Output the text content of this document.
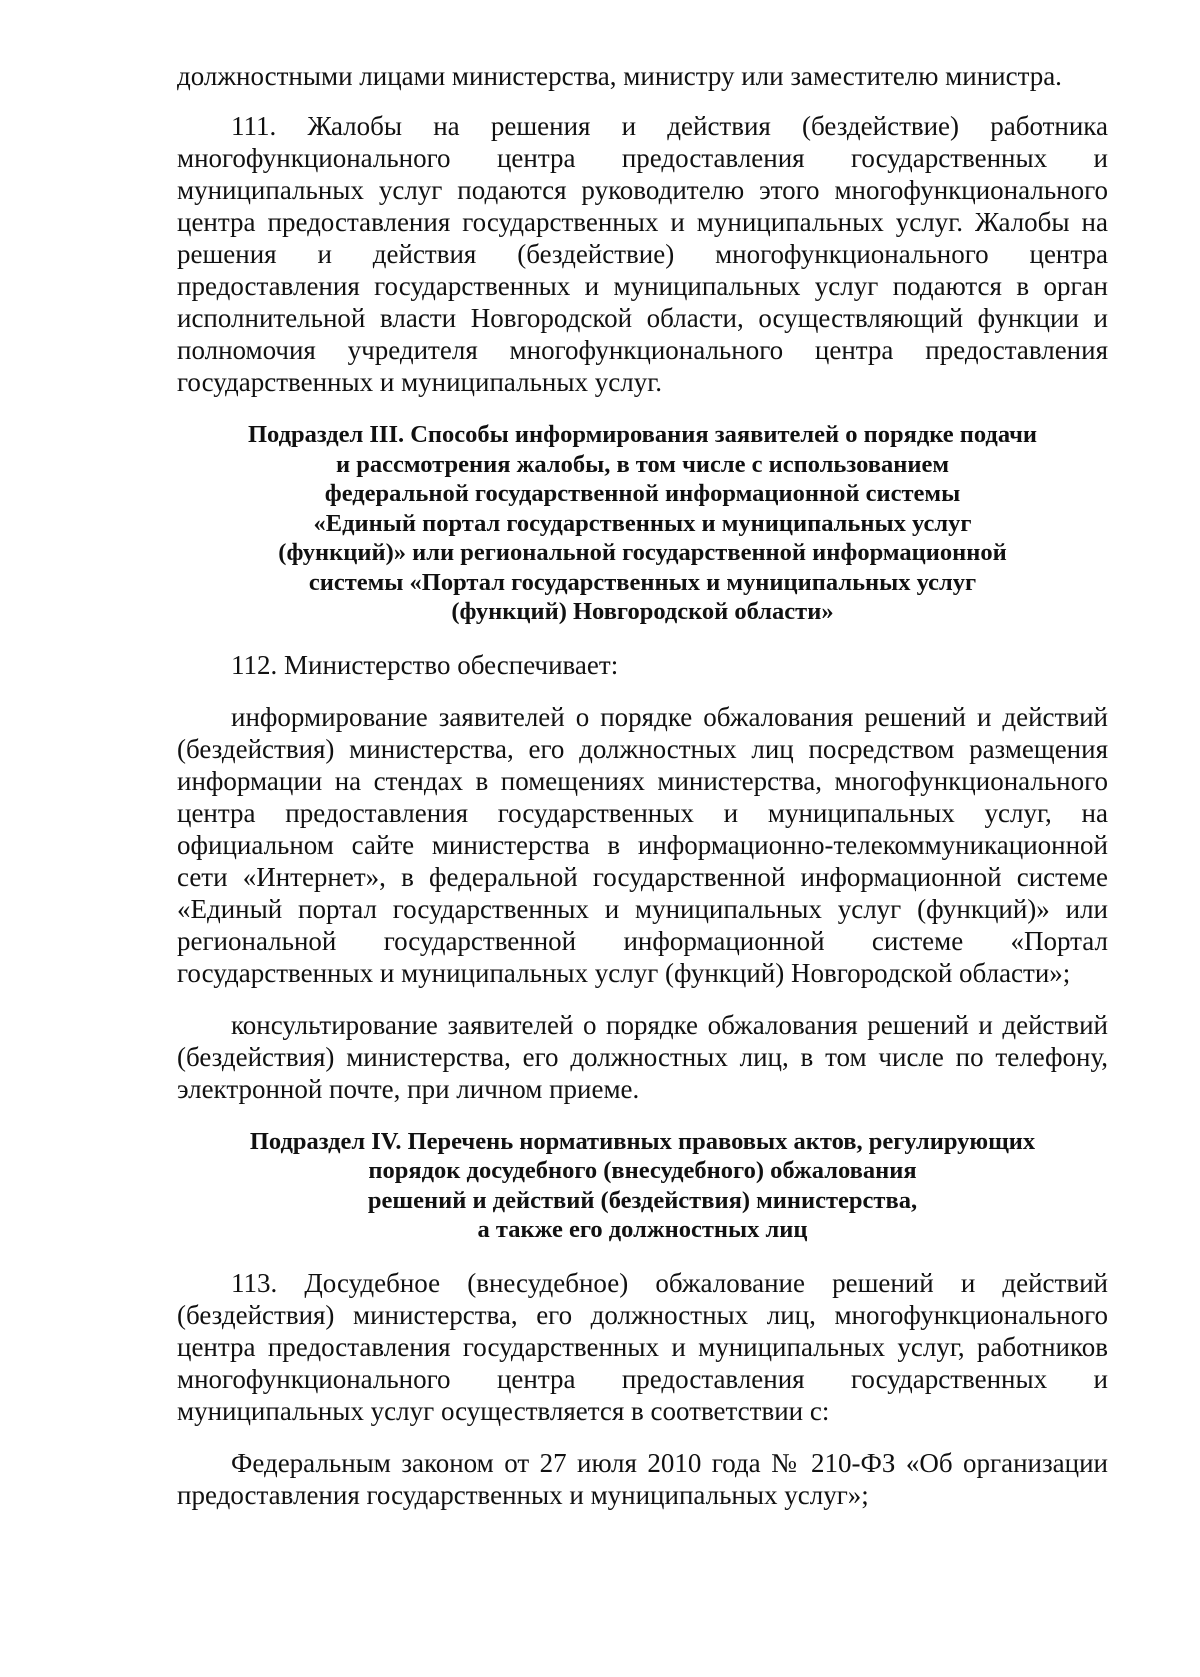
должностными лицами министерства, министру или заместителю министра.

111. Жалобы на решения и действия (бездействие) работника многофункционального центра предоставления государственных и муниципальных услуг подаются руководителю этого многофункционального центра предоставления государственных и муниципальных услуг. Жалобы на решения и действия (бездействие) многофункционального центра предоставления государственных и муниципальных услуг подаются в орган исполнительной власти Новгородской области, осуществляющий функции и полномочия учредителя многофункционального центра предоставления государственных и муниципальных услуг.

Подраздел III. Способы информирования заявителей о порядке подачи
и рассмотрения жалобы, в том числе с использованием
федеральной государственной информационной системы
«Единый портал государственных и муниципальных услуг
(функций)» или региональной государственной информационной
системы «Портал государственных и муниципальных услуг
(функций) Новгородской области»

112. Министерство обеспечивает:

информирование заявителей о порядке обжалования решений и действий (бездействия) министерства, его должностных лиц посредством размещения информации на стендах в помещениях министерства, многофункционального центра предоставления государственных и муниципальных услуг, на официальном сайте министерства в информационно-телекоммуникационной сети «Интернет», в федеральной государственной информационной системе «Единый портал государственных и муниципальных услуг (функций)» или региональной государственной информационной системе «Портал государственных и муниципальных услуг (функций) Новгородской области»;

консультирование заявителей о порядке обжалования решений и действий (бездействия) министерства, его должностных лиц, в том числе по телефону, электронной почте, при личном приеме.

Подраздел IV. Перечень нормативных правовых актов, регулирующих
порядок досудебного (внесудебного) обжалования
решений и действий (бездействия) министерства,
а также его должностных лиц

113. Досудебное (внесудебное) обжалование решений и действий (бездействия) министерства, его должностных лиц, многофункционального центра предоставления государственных и муниципальных услуг, работников многофункционального центра предоставления государственных и муниципальных услуг осуществляется в соответствии с:

Федеральным законом от 27 июля 2010 года № 210-ФЗ «Об организации предоставления государственных и муниципальных услуг»;
